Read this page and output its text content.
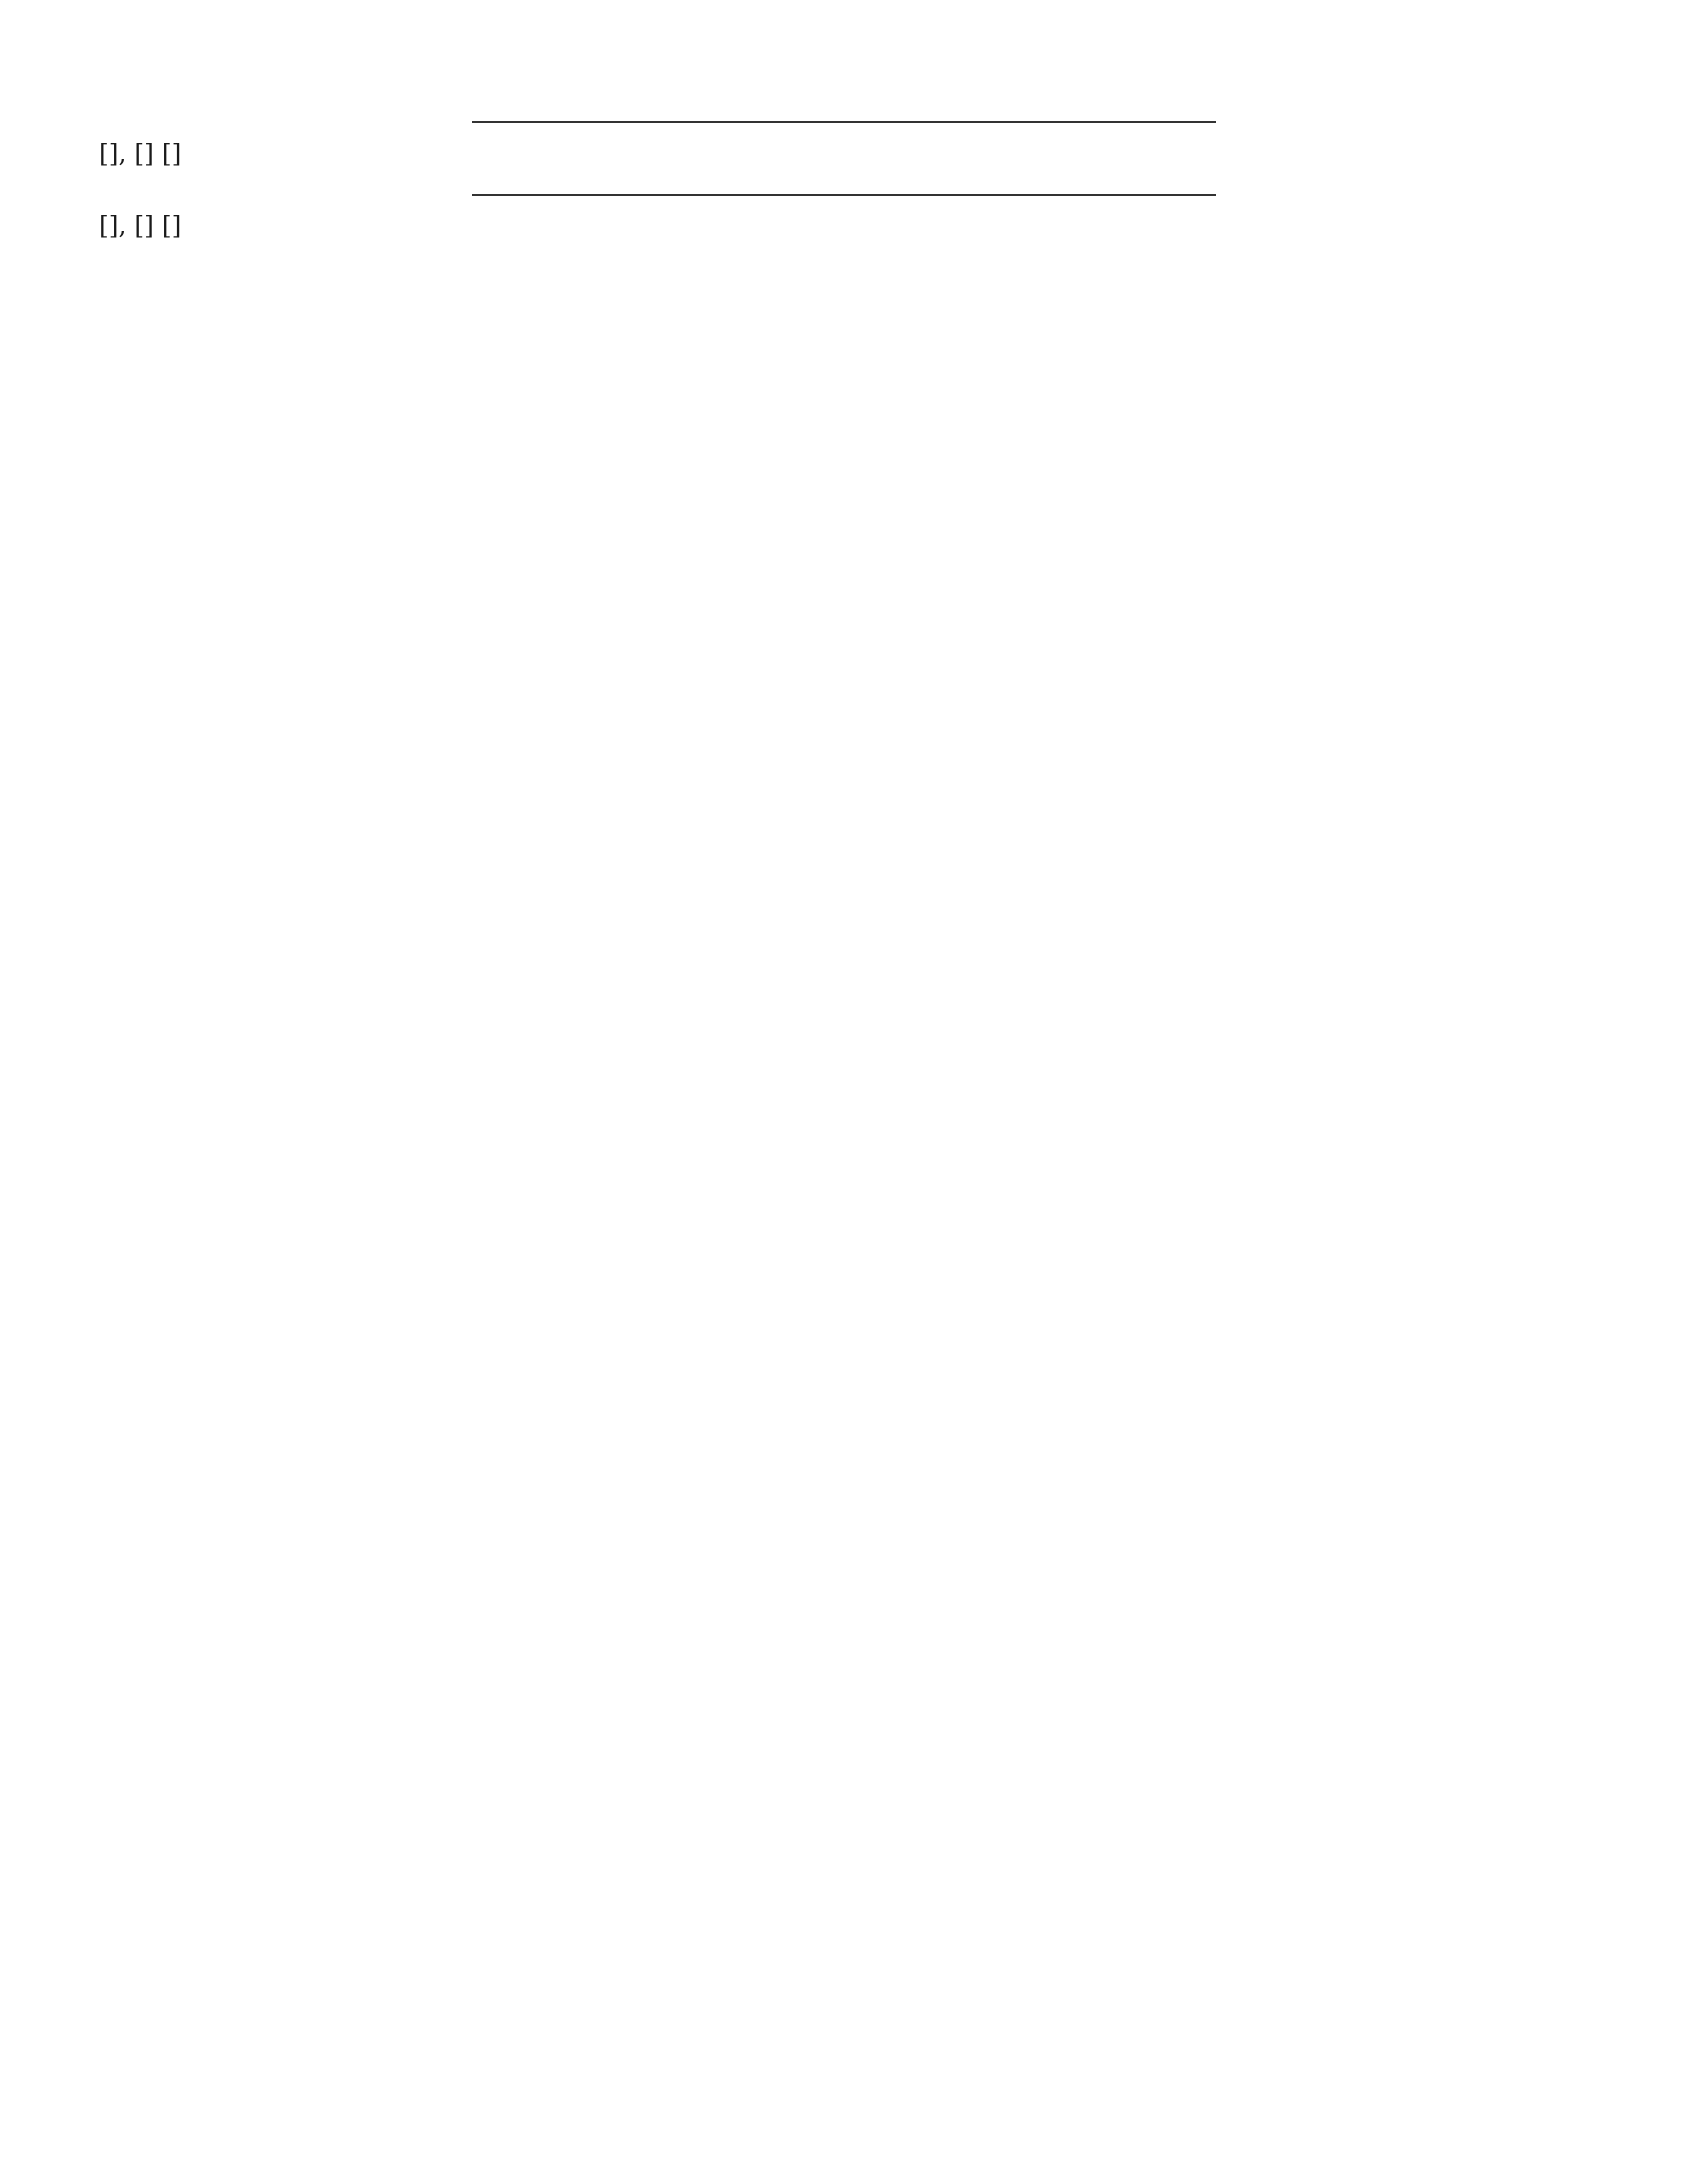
[], [] []

[], [] []
